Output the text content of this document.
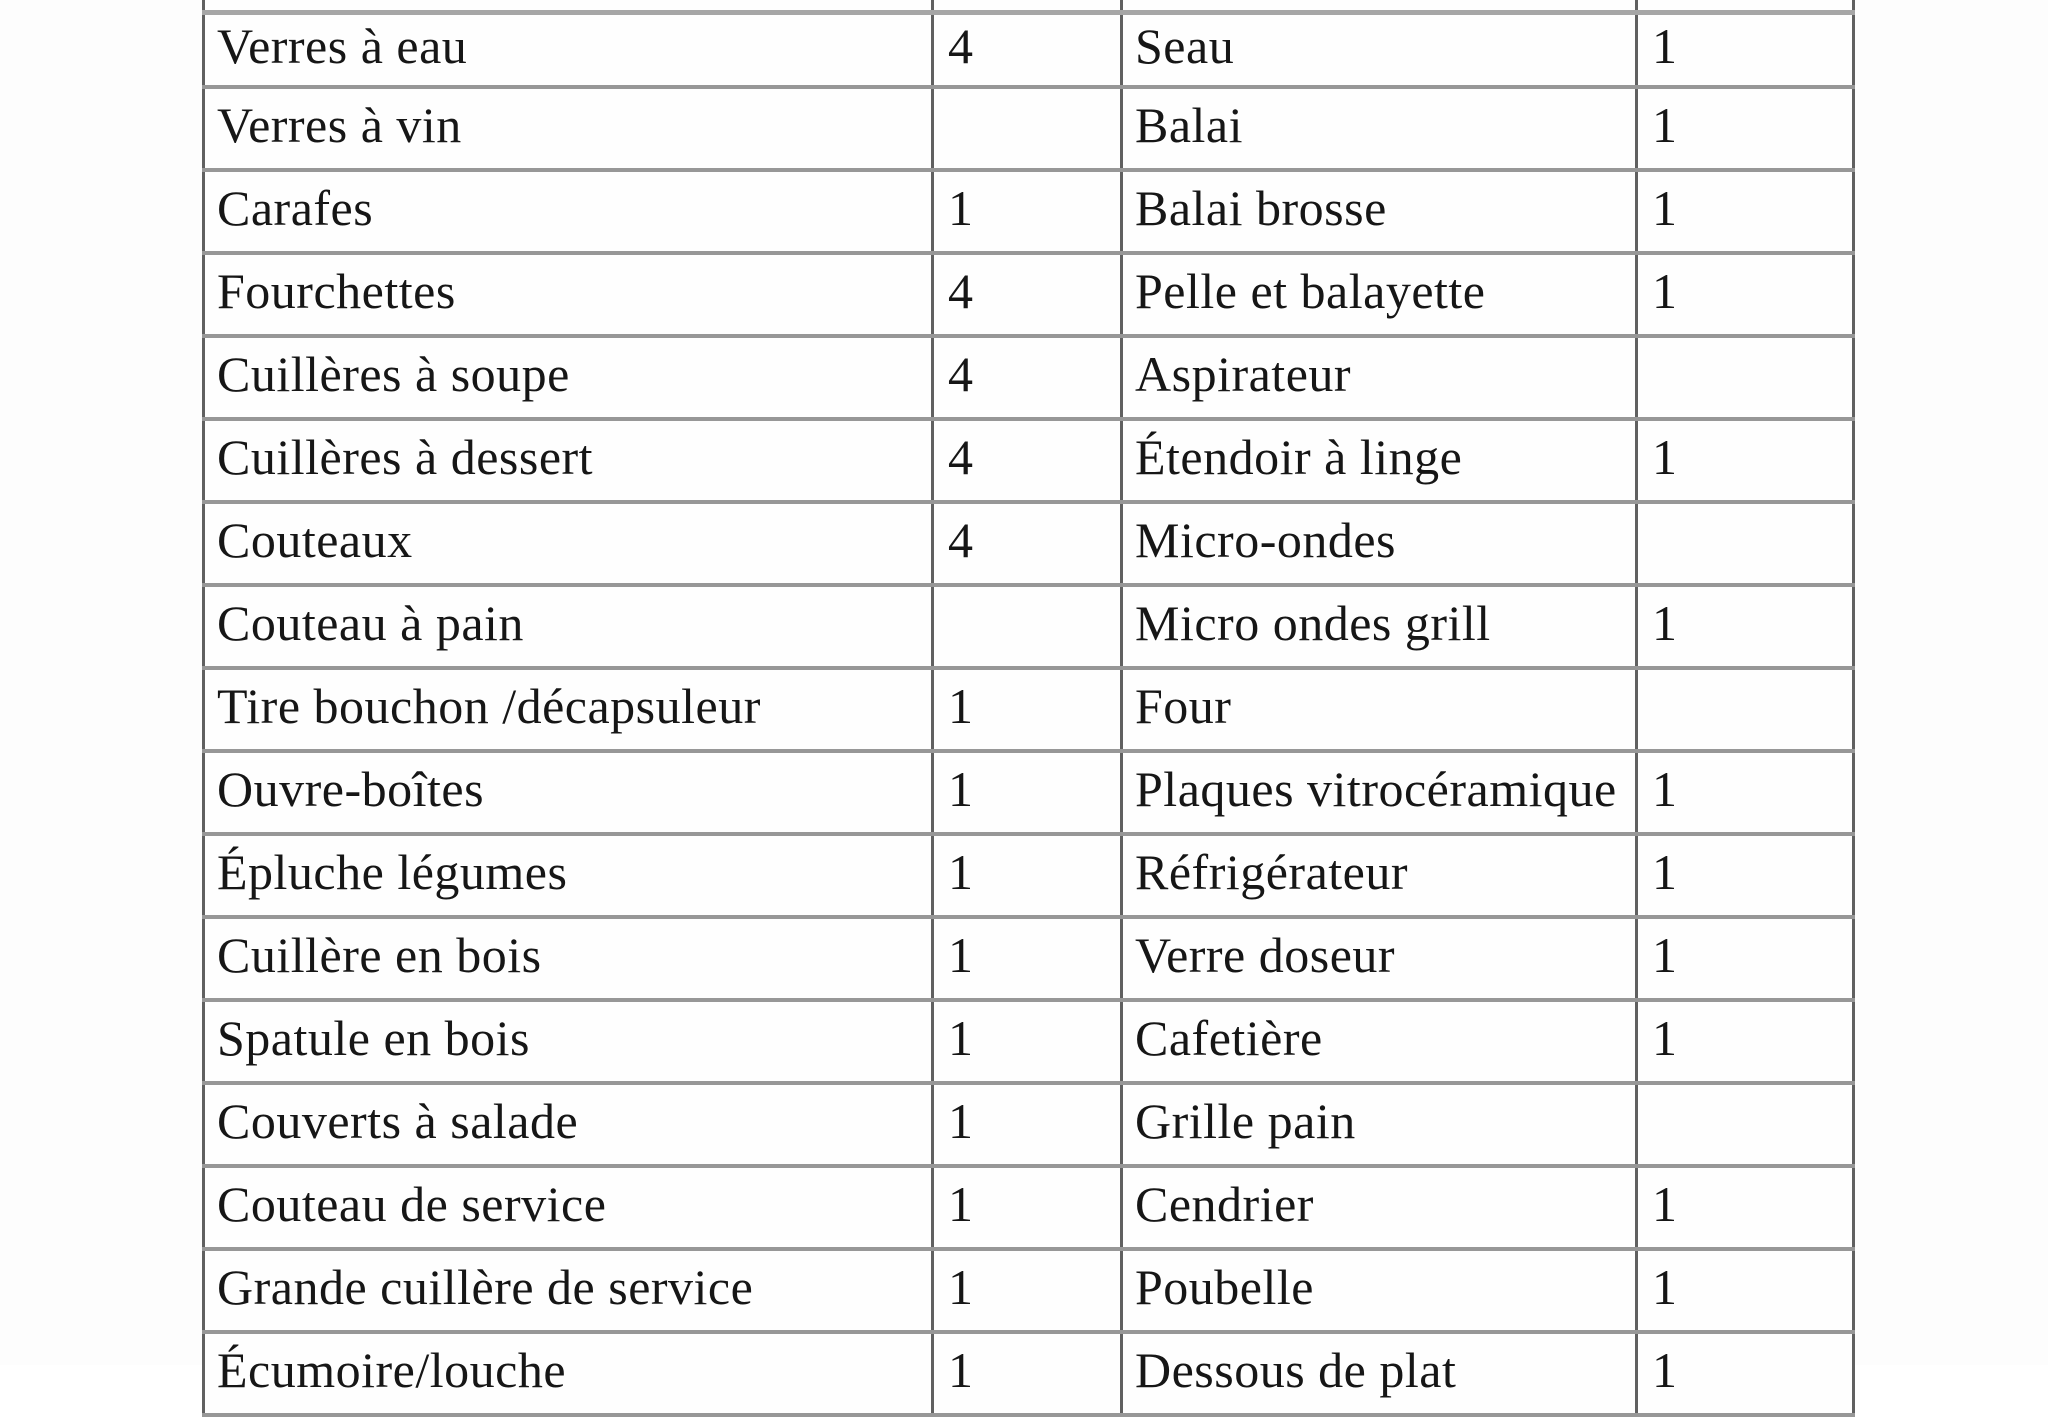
Verres à eau	4	Seau	1
Verres à vin		Balai	1
Carafes	1	Balai brosse	1
Fourchettes	4	Pelle et balayette	1
Cuillères à soupe	4	Aspirateur	
Cuillères à dessert	4	Étendoir à linge	1
Couteaux	4	Micro-ondes	
Couteau à pain		Micro ondes grill	1
Tire bouchon /décapsuleur	1	Four	
Ouvre-boîtes	1	Plaques vitrocéramique	1
Épluche légumes	1	Réfrigérateur	1
Cuillère en bois	1	Verre doseur	1
Spatule en bois	1	Cafetière	1
Couverts à salade	1	Grille pain	
Couteau de service	1	Cendrier	1
Grande cuillère de service	1	Poubelle	1
Écumoire/louche	1	Dessous de plat	1
